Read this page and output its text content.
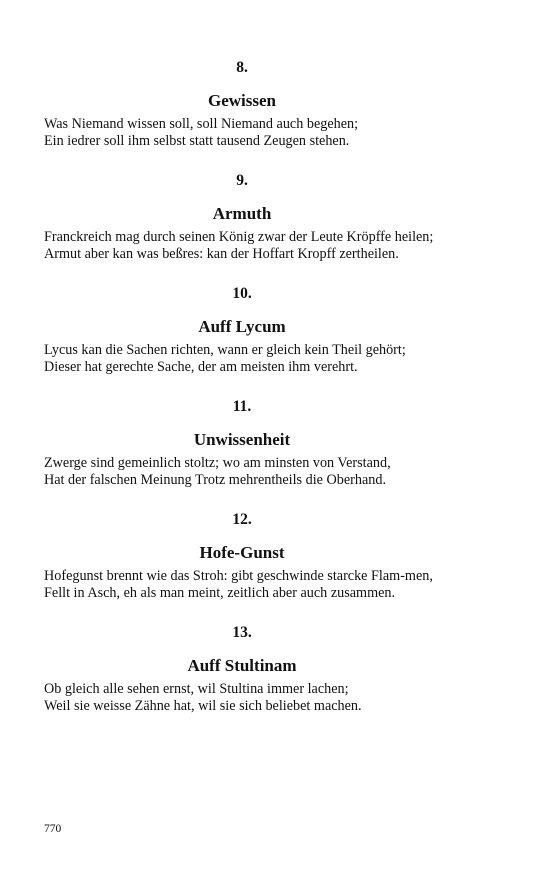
8.
Gewissen
Was Niemand wissen soll, soll Niemand auch begehen;
Ein iedrer soll ihm selbst statt tausend Zeugen stehen.
9.
Armuth
Franckreich mag durch seinen König zwar der Leute Kröpffe heilen;
Armut aber kan was beßres: kan der Hoffart Kropff zertheilen.
10.
Auff Lycum
Lycus kan die Sachen richten, wann er gleich kein Theil gehört;
Dieser hat gerechte Sache, der am meisten ihm verehrt.
11.
Unwissenheit
Zwerge sind gemeinlich stoltz; wo am minsten von Verstand,
Hat der falschen Meinung Trotz mehrentheils die Oberhand.
12.
Hofe-Gunst
Hofegunst brennt wie das Stroh: gibt geschwinde starcke Flam-men,
Fellt in Asch, eh als man meint, zeitlich aber auch zusammen.
13.
Auff Stultinam
Ob gleich alle sehen ernst, wil Stultina immer lachen;
Weil sie weisse Zähne hat, wil sie sich beliebet machen.
770
